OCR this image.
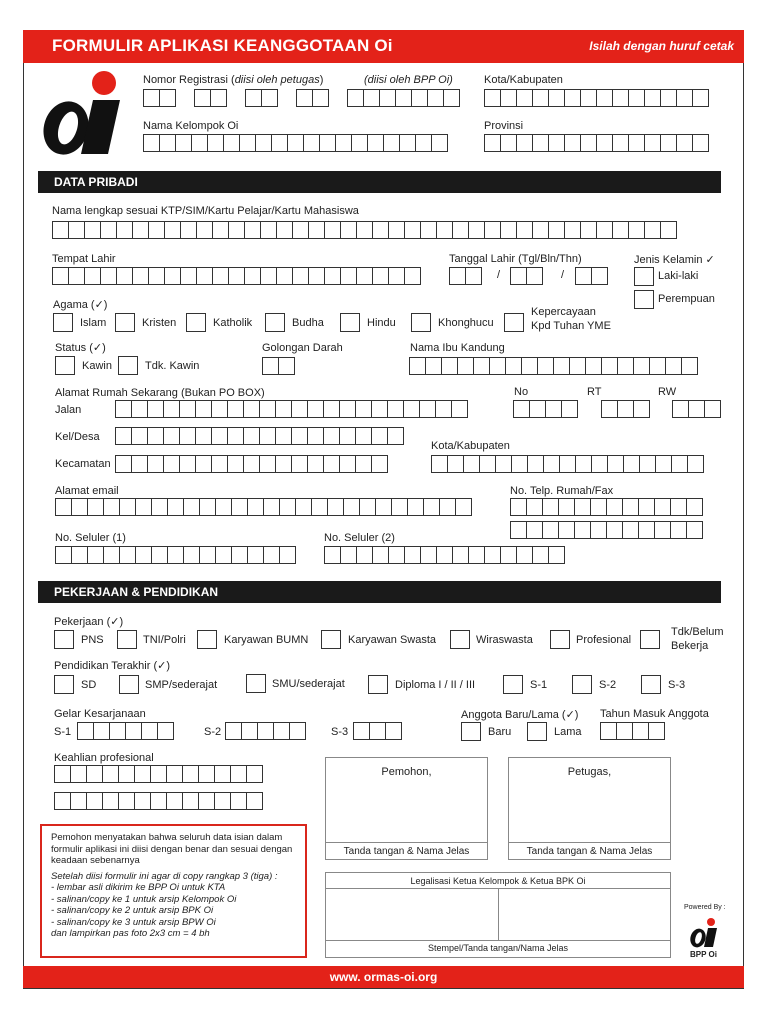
FORMULIR APLIKASI KEANGGOTAAN Oi	Isilah dengan huruf cetak
Nomor Registrasi (diisi oleh petugas)	(diisi oleh BPP Oi)	Kota/Kabupaten
Nama Kelompok Oi	Provinsi
DATA PRIBADI
Nama lengkap sesuai KTP/SIM/Kartu Pelajar/Kartu Mahasiswa
Tempat Lahir	Tanggal Lahir (Tgl/Bln/Thn)
/	/
Jenis Kelamin ✓
Laki-laki
Perempuan
Agama (✓)
Islam	Kristen	Katholik	Budha	Hindu	Khonghucu
Kepercayaan
Kpd Tuhan YME
Status (✓)
Kawin	Tdk. Kawin
Golongan Darah	Nama Ibu Kandung
Alamat Rumah Sekarang (Bukan PO BOX)
Jalan
No	RT	RW
Kel/Desa
Kota/Kabupaten
Kecamatan
Alamat email	No. Telp. Rumah/Fax
No. Seluler (1)	No. Seluler (2)
PEKERJAAN & PENDIDIKAN
Pekerjaan (✓)
PNS	TNI/Polri	Karyawan BUMN	Karyawan Swasta	Wiraswasta	Profesional
Tdk/Belum
Bekerja
Pendidikan Terakhir (✓)
SD	SMP/sederajat	SMU/sederajat	Diploma I / II / III	S-1	S-2	S-3
Gelar Kesarjanaan
S-1	S-2	S-3
Anggota Baru/Lama (✓)
Baru	Lama
Tahun Masuk Anggota
Keahlian profesional
Pemohon,
Tanda tangan & Nama Jelas
Petugas,
Tanda tangan & Nama Jelas
Legalisasi Ketua Kelompok & Ketua BPK Oi
Stempel/Tanda tangan/Nama Jelas

Pemohon menyatakan bahwa seluruh data isian dalam formulir aplikasi ini diisi dengan benar dan sesuai dengan keadaan sebenarnya

Setelah diisi formulir ini agar di copy rangkap 3 (tiga) :

- lembar asli dikirim ke BPP Oi untuk KTA

- salinan/copy ke 1 untuk arsip Kelompok Oi

- salinan/copy ke 2 untuk arsip BPK Oi

- salinan/copy ke 3 untuk arsip BPW Oi

dan lampirkan pas foto 2x3 cm = 4 bh

Powered By :
BPP Oi
www. ormas-oi.org
